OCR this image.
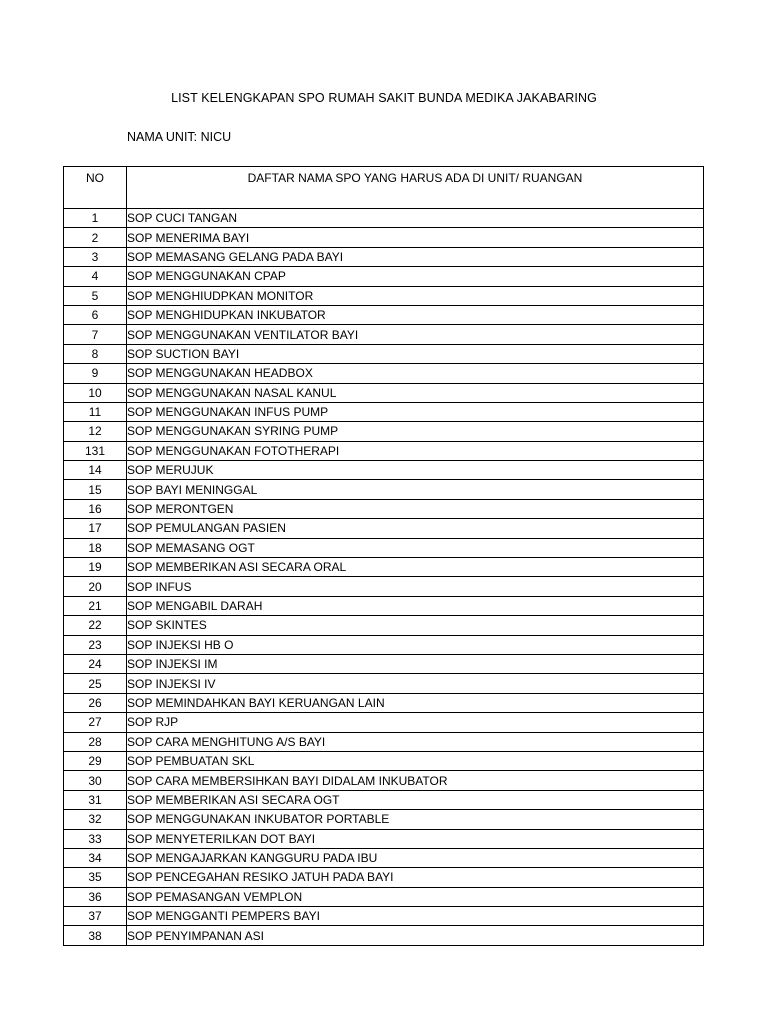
LIST KELENGKAPAN SPO RUMAH SAKIT BUNDA MEDIKA JAKABARING
NAMA UNIT: NICU
NO	DAFTAR NAMA SPO YANG HARUS ADA DI UNIT/ RUANGAN
1	SOP CUCI TANGAN
2	SOP MENERIMA BAYI
3	SOP MEMASANG GELANG PADA BAYI
4	SOP MENGGUNAKAN CPAP
5	SOP MENGHIUDPKAN MONITOR
6	SOP MENGHIDUPKAN INKUBATOR
7	SOP MENGGUNAKAN VENTILATOR BAYI
8	SOP SUCTION BAYI
9	SOP MENGGUNAKAN HEADBOX
10	SOP MENGGUNAKAN NASAL KANUL
11	SOP MENGGUNAKAN INFUS PUMP
12	SOP MENGGUNAKAN SYRING PUMP
131	SOP MENGGUNAKAN FOTOTHERAPI
14	SOP MERUJUK
15	SOP BAYI MENINGGAL
16	SOP MERONTGEN
17	SOP PEMULANGAN PASIEN
18	SOP MEMASANG OGT
19	SOP MEMBERIKAN ASI SECARA ORAL
20	SOP INFUS
21	SOP MENGABIL DARAH
22	SOP SKINTES
23	SOP INJEKSI HB O
24	SOP INJEKSI IM
25	SOP INJEKSI IV
26	SOP MEMINDAHKAN BAYI KERUANGAN LAIN
27	SOP RJP
28	SOP CARA MENGHITUNG A/S BAYI
29	SOP PEMBUATAN SKL
30	SOP CARA MEMBERSIHKAN BAYI DIDALAM INKUBATOR
31	SOP MEMBERIKAN ASI SECARA OGT
32	SOP MENGGUNAKAN INKUBATOR PORTABLE
33	SOP MENYETERILKAN DOT BAYI
34	SOP MENGAJARKAN KANGGURU PADA IBU
35	SOP PENCEGAHAN RESIKO JATUH PADA BAYI
36	SOP PEMASANGAN VEMPLON
37	SOP MENGGANTI PEMPERS BAYI
38	SOP PENYIMPANAN ASI
